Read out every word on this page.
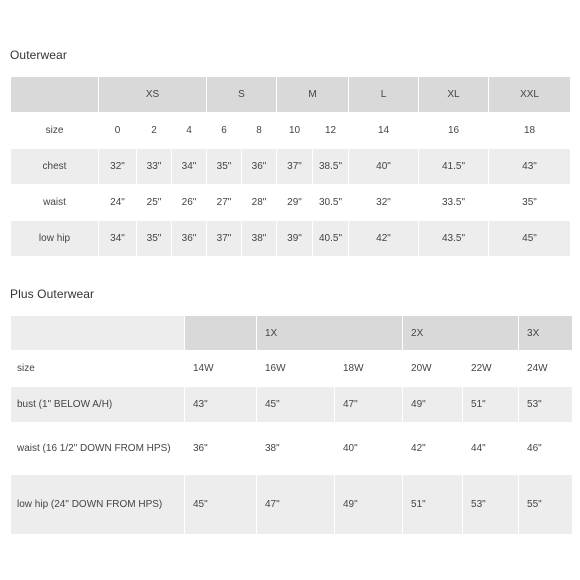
Outerwear
	XS			S		M		L	XL	XXL
size	0	2	4	6	8	10	12	14	16	18
chest	32"	33"	34"	35"	36"	37"	38.5"	40"	41.5"	43"
waist	24"	25"	26"	27"	28"	29"	30.5"	32"	33.5"	35"
low hip	34"	35"	36"	37"	38"	39"	40.5"	42"	43.5"	45"
Plus Outerwear
		1X		2X		3X
size	14W	16W	18W	20W	22W	24W
bust (1" BELOW A/H)	43"	45"	47"	49"	51"	53"
waist (16 1/2" DOWN FROM HPS)	36"	38"	40"	42"	44"	46"
low hip (24" DOWN FROM HPS)	45"	47"	49"	51"	53"	55"
